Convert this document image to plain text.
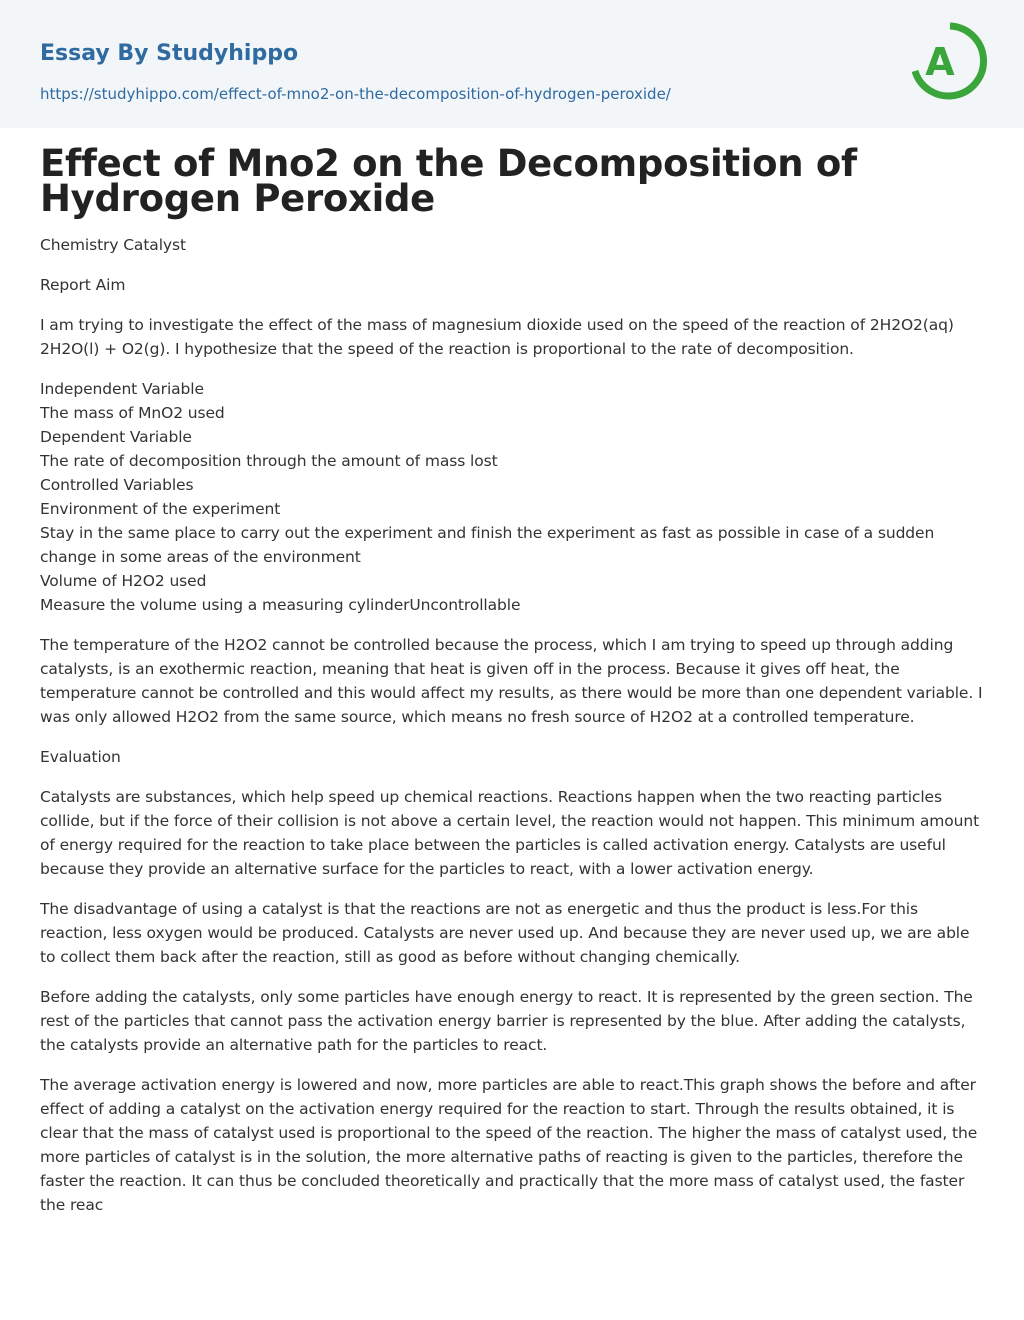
Essay By Studyhippo
https://studyhippo.com/effect-of-mno2-on-the-decomposition-of-hydrogen-peroxide/
A
Effect of Mno2 on the Decomposition of Hydrogen Peroxide

Chemistry Catalyst

Report Aim

I am trying to investigate the effect of the mass of magnesium dioxide used on the speed of the reaction of 2H2O2(aq) 2H2O(l) + O2(g). I hypothesize that the speed of the reaction is proportional to the rate of decomposition.

Independent Variable
The mass of MnO2 used
Dependent Variable
The rate of decomposition through the amount of mass lost
Controlled Variables
Environment of the experiment
Stay in the same place to carry out the experiment and finish the experiment as fast as possible in case of a sudden change in some areas of the environment
Volume of H2O2 used
Measure the volume using a measuring cylinderUncontrollable

The temperature of the H2O2 cannot be controlled because the process, which I am trying to speed up through adding catalysts, is an exothermic reaction, meaning that heat is given off in the process. Because it gives off heat, the temperature cannot be controlled and this would affect my results, as there would be more than one dependent variable. I was only allowed H2O2 from the same source, which means no fresh source of H2O2 at a controlled temperature.

Evaluation

Catalysts are substances, which help speed up chemical reactions. Reactions happen when the two reacting particles collide, but if the force of their collision is not above a certain level, the reaction would not happen. This minimum amount of energy required for the reaction to take place between the particles is called activation energy. Catalysts are useful because they provide an alternative surface for the particles to react, with a lower activation energy.

The disadvantage of using a catalyst is that the reactions are not as energetic and thus the product is less.For this reaction, less oxygen would be produced. Catalysts are never used up. And because they are never used up, we are able to collect them back after the reaction, still as good as before without changing chemically.

Before adding the catalysts, only some particles have enough energy to react. It is represented by the green section. The rest of the particles that cannot pass the activation energy barrier is represented by the blue. After adding the catalysts, the catalysts provide an alternative path for the particles to react.

The average activation energy is lowered and now, more particles are able to react.This graph shows the before and after effect of adding a catalyst on the activation energy required for the reaction to start. Through the results obtained, it is clear that the mass of catalyst used is proportional to the speed of the reaction. The higher the mass of catalyst used, the more particles of catalyst is in the solution, the more alternative paths of reacting is given to the particles, therefore the faster the reaction. It can thus be concluded theoretically and practically that the more mass of catalyst used, the faster the reac
